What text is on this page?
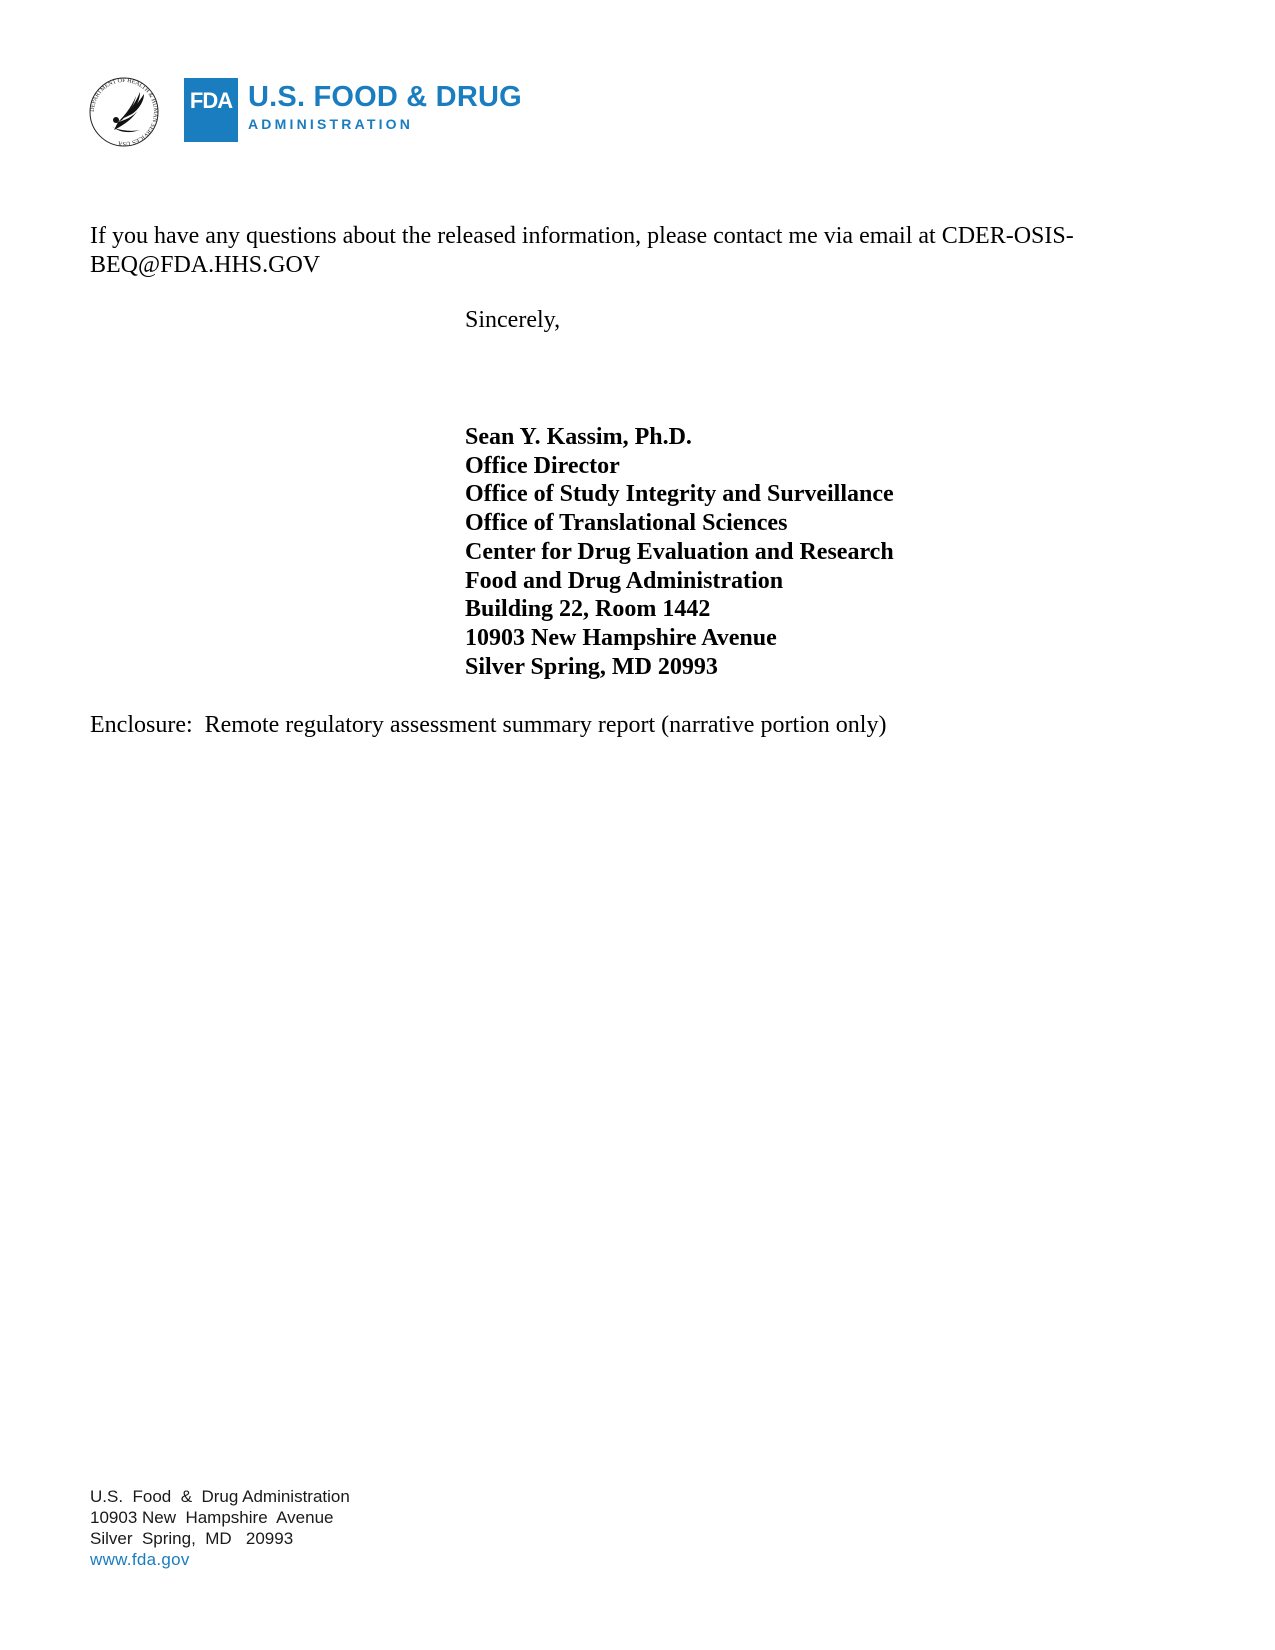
DEPARTMENT OF HEALTH & HUMAN SERVICES USA
FDA U.S. FOOD & DRUG
ADMINISTRATION
If you have any questions about the released information, please contact me via email at CDER-OSIS-BEQ@FDA.HHS.GOV
Sincerely,
Sean Y. Kassim, Ph.D.
Office Director
Office of Study Integrity and Surveillance
Office of Translational Sciences
Center for Drug Evaluation and Research
Food and Drug Administration
Building 22, Room 1442
10903 New Hampshire Avenue
Silver Spring, MD 20993
Enclosure:  Remote regulatory assessment summary report (narrative portion only)
U.S.  Food  &  Drug Administration
10903 New  Hampshire  Avenue
Silver  Spring,  MD   20993
www.fda.gov
